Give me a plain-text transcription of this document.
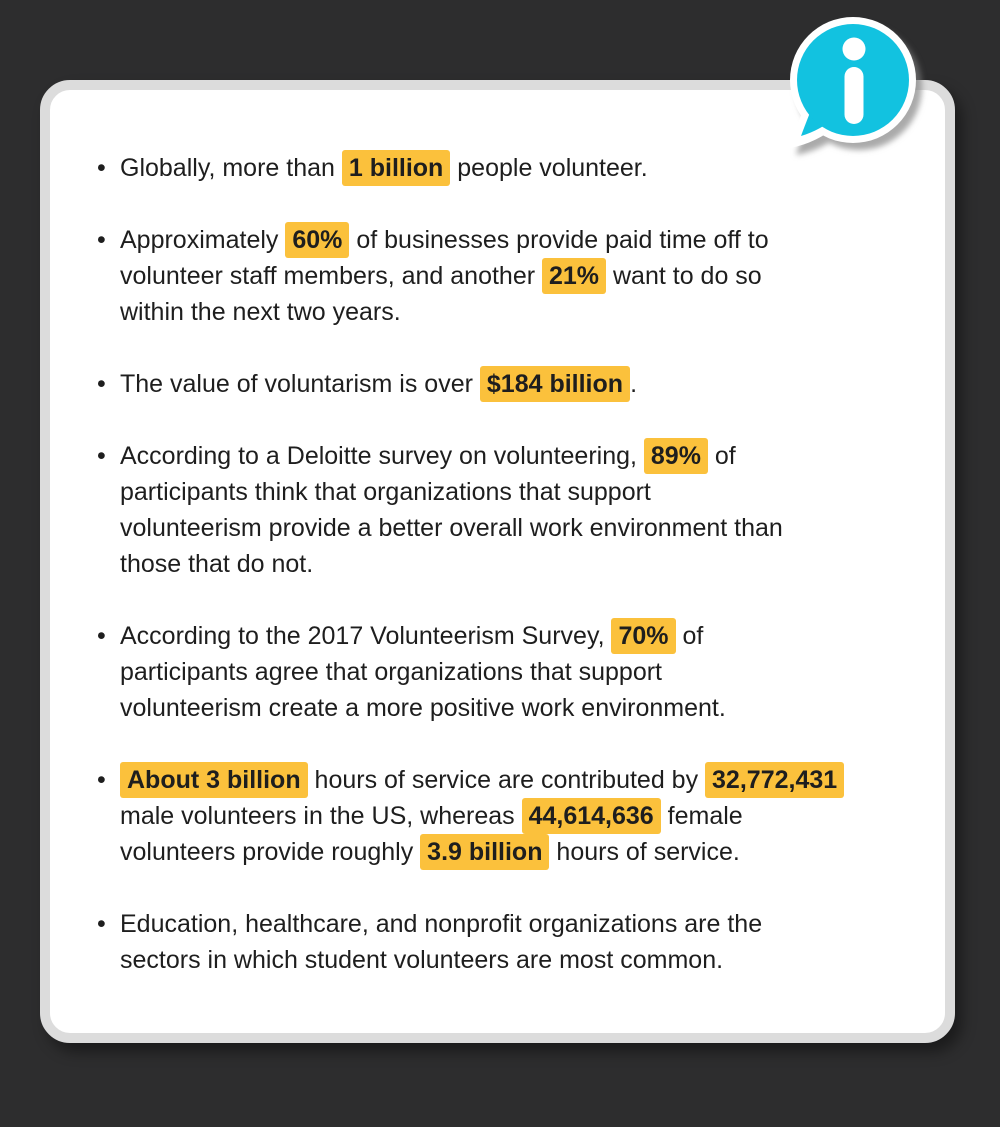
• Globally, more than 1 billion people volunteer.
• Approximately 60% of businesses provide paid time off to
volunteer staff members, and another 21% want to do so
within the next two years.
• The value of voluntarism is over $184 billion .
• According to a Deloitte survey on volunteering, 89% of
participants think that organizations that support
volunteerism provide a better overall work environment than
those that do not.
• According to the 2017 Volunteerism Survey, 70% of
participants agree that organizations that support
volunteerism create a more positive work environment.
• About 3 billion hours of service are contributed by 32,772,431
male volunteers in the US, whereas 44,614,636 female
volunteers provide roughly 3.9 billion hours of service.
• Education, healthcare, and nonprofit organizations are the
sectors in which student volunteers are most common.
